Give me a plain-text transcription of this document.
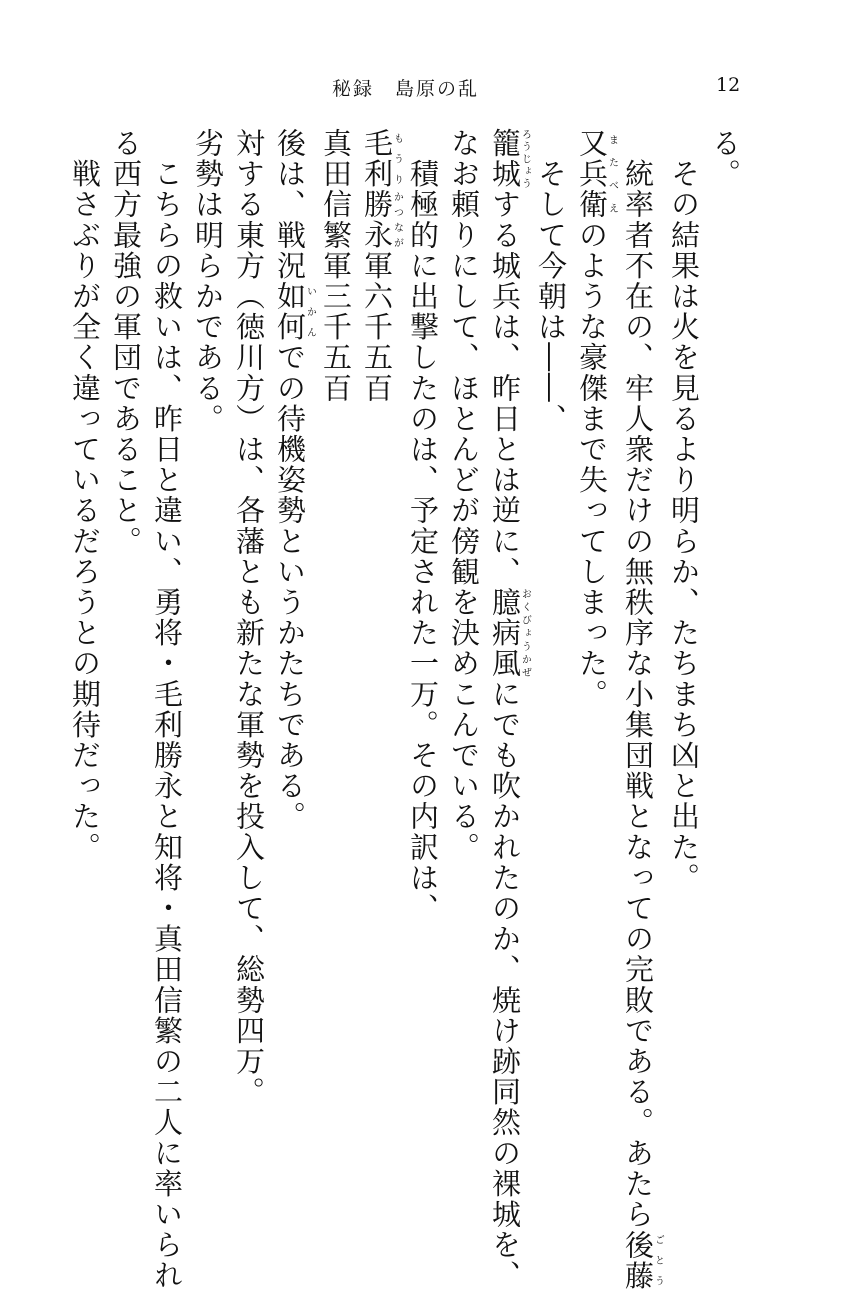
秘録　島原の乱	12

る。

　その結果は火を見るより明らか、たちまち凶と出た。

　統率者不在の、牢人衆だけの無秩序な小集団戦となっての完敗である。あたら後藤ごとう

又兵衛またべえのような豪傑まで失ってしまった。

　そして今朝は――、

籠城ろうじょうする城兵は、昨日とは逆に、臆病風おくびょうかぜにでも吹かれたのか、焼け跡同然の裸城を、

なお頼りにして、ほとんどが傍観を決めこんでいる。

　積極的に出撃したのは、予定された一万。その内訳は、

毛利もうり勝永かつなが軍六千五百

真田信繁軍三千五百

後は、戦況如何いかんでの待機姿勢というかたちである。

対する東方（徳川方）は、各藩とも新たな軍勢を投入して、総勢四万。

劣勢は明らかである。

　こちらの救いは、昨日と違い、勇将・毛利勝永と知将・真田信繁の二人に率いられ

る西方最強の軍団であること。

　戦さぶりが全く違っているだろうとの期待だった。
